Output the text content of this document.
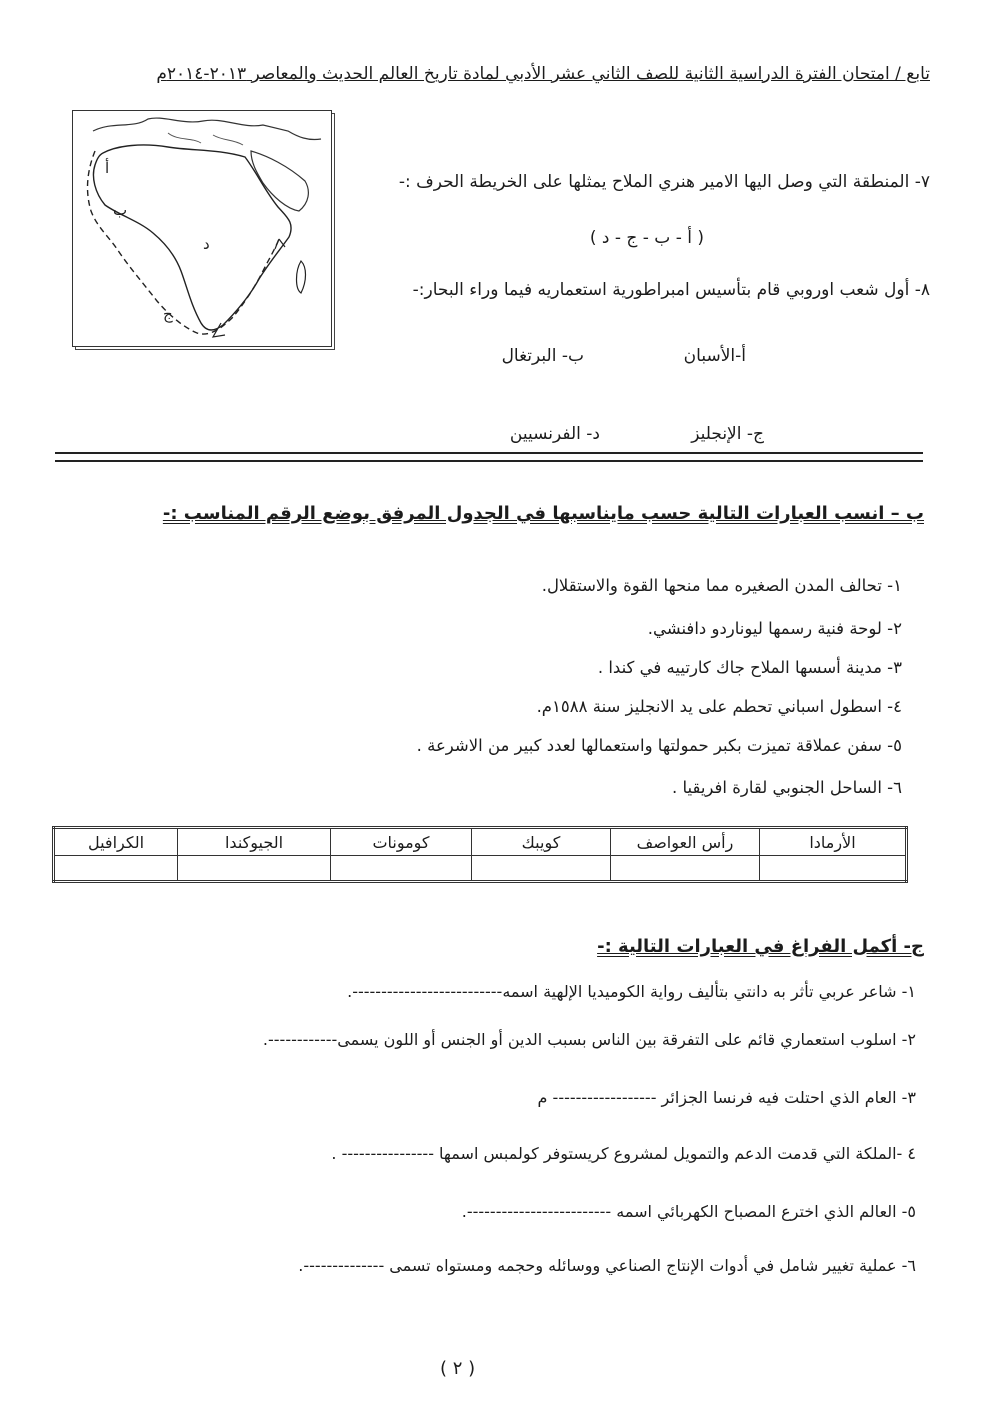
تابع / امتحان الفترة الدراسية الثانية للصف الثاني عشر الأدبي لمادة تاريخ العالم الحديث والمعاصر ٢٠١٣-٢٠١٤م
أ
ب
ج
د
٧- المنطقة التي وصل اليها الامير هنري الملاح يمثلها على الخريطة الحرف :-
( أ - ب - ج - د )
٨- أول شعب اوروبي قام بتأسيس امبراطورية استعماريه فيما وراء البحار:-
أ-الأسبان
ب- البرتغال
ج- الإنجليز
د- الفرنسيين
ب – انسب العبارات التالية حسب مايناسبها في الجدول المرفق بوضع الرقم المناسب :-
١- تحالف المدن الصغيره مما منحها القوة والاستقلال.
٢- لوحة فنية رسمها ليوناردو دافنشي.
٣- مدينة أسسها الملاح جاك كارتييه في كندا .
٤- اسطول اسباني تحطم على يد الانجليز سنة ١٥٨٨م.
٥- سفن عملاقة تميزت بكبر حمولتها واستعمالها لعدد كبير من الاشرعة .
٦- الساحل الجنوبي لقارة افريقيا .
الأرمادا	رأس العواصف	كويبك	كومونات	الجيوكندا	الكرافيل

ج- أكمل الفراغ في العبارات التالية :-
١- شاعر عربي تأثر به دانتي بتأليف رواية الكوميديا الإلهية اسمه--------------------------.
٢- اسلوب استعماري قائم على التفرقة بين الناس بسبب الدين أو الجنس أو اللون يسمى------------.
٣- العام الذي احتلت فيه فرنسا الجزائر ------------------ م
٤ -الملكة التي قدمت الدعم والتمويل لمشروع كريستوفر كولمبس اسمها ---------------- .
٥- العالم الذي اخترع المصباح الكهربائي اسمه -------------------------.
٦- عملية تغيير شامل في أدوات الإنتاج الصناعي ووسائله وحجمه ومستواه تسمى --------------.
( ٢ )
